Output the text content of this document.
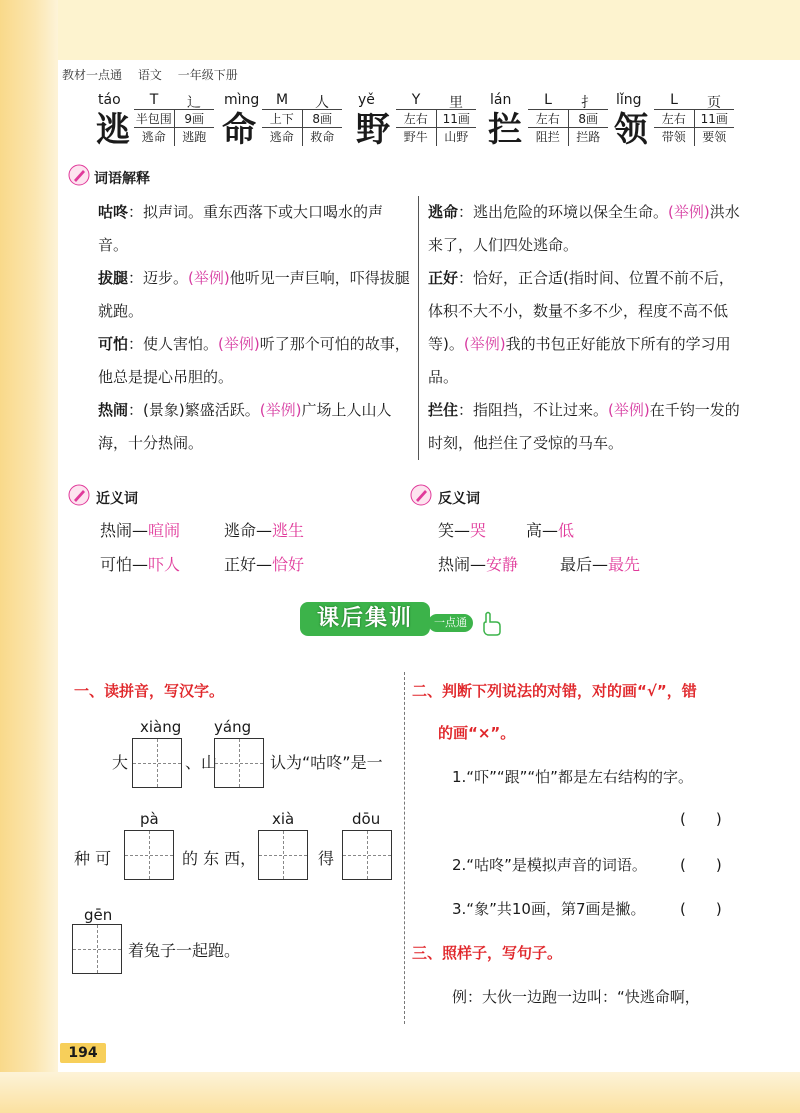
教材一点通 语文 一年级下册
táo
逃
T	辶
半包围	9画
逃命	逃跑
mìng
命
M	人
上下	8画
逃命	救命
yě
野
Y	里
左右	11画
野牛	山野
lán
拦
L	扌
左右	8画
阻拦	拦路
lǐng
领
L	页
左右	11画
带领	要领
词语解释
咕咚：拟声词。重东西落下或大口喝水的声音。
拔腿：迈步。(举例)他听见一声巨响，吓得拔腿就跑。
可怕：使人害怕。(举例)听了那个可怕的故事，他总是提心吊胆的。
热闹：(景象)繁盛活跃。(举例)广场上人山人海，十分热闹。
逃命：逃出危险的环境以保全生命。(举例)洪水来了，人们四处逃命。
正好：恰好，正合适(指时间、位置不前不后，体积不大不小，数量不多不少，程度不高不低等)。(举例)我的书包正好能放下所有的学习用品。
拦住：指阻挡，不让过来。(举例)在千钧一发的时刻，他拦住了受惊的马车。
近义词
热闹—喧闹	逃命—逃生
可怕—吓人	正好—恰好
反义词
笑—哭 高—低
热闹—安静	最后—最先
课后集训	一点通
一、读拼音，写汉字。
xiàng yáng
大	、山	认为“咕咚”是一
pà	xià	dōu
种 可	的 东 西，	得
gēn
着兔子一起跑。
二、判断下列说法的对错，对的画“√”，错
的画“×”。
1.“吓”“跟”“怕”都是左右结构的字。
(　　)
2.“咕咚”是模拟声音的词语。 (　　)
3.“象”共10画，第7画是撇。 (　　)
三、照样子，写句子。
例：大伙一边跑一边叫：“快逃命啊，
194
